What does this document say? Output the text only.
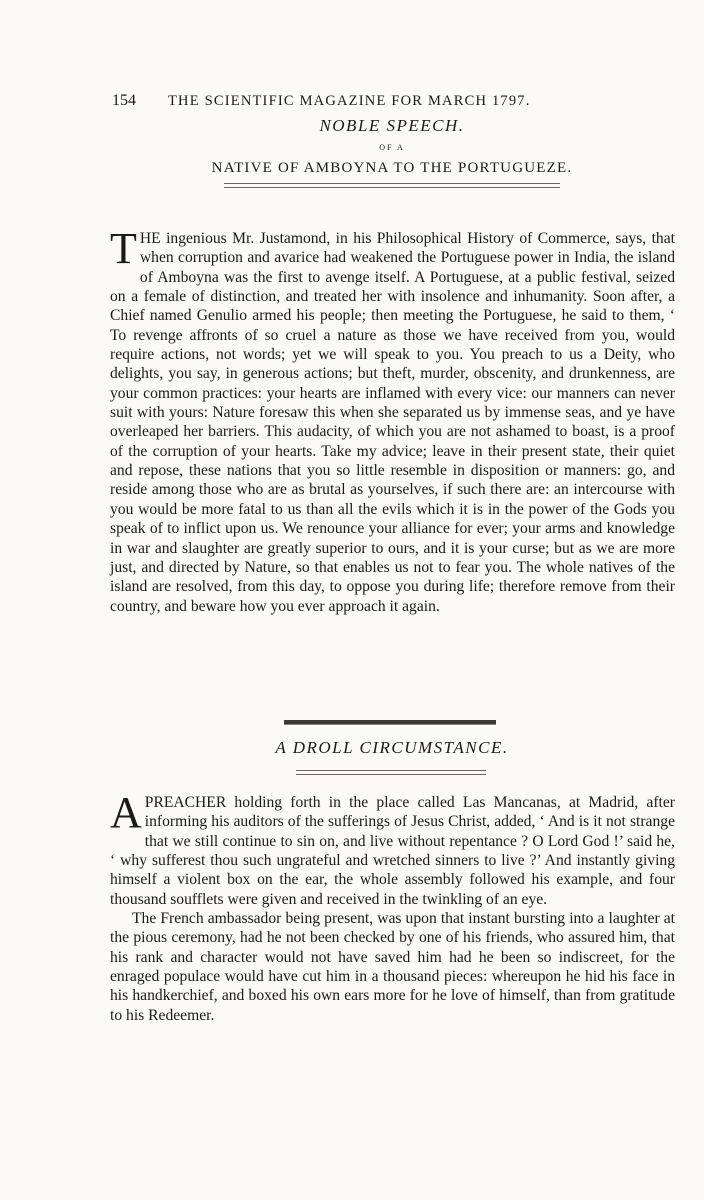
154	THE SCIENTIFIC MAGAZINE FOR MARCH 1797.
NOBLE SPEECH.
OF A
NATIVE OF AMBOYNA TO THE PORTUGUEZE.

THE ingenious Mr. Justamond, in his Philosophical History of Commerce, says, that when corruption and avarice had weakened the Portuguese power in India, the island of Amboyna was the first to avenge itself. A Portuguese, at a public festival, seized on a female of distinction, and treated her with insolence and inhumanity. Soon after, a Chief named Genulio armed his people; then meeting the Portuguese, he said to them, ‘ To revenge affronts of so cruel a nature as those we have received from you, would require actions, not words; yet we will speak to you. You preach to us a Deity, who delights, you say, in generous actions; but theft, murder, obscenity, and drunkenness, are your common practices: your hearts are inflamed with every vice: our manners can never suit with yours: Nature foresaw this when she separated us by immense seas, and ye have overleaped her barriers. This audacity, of which you are not ashamed to boast, is a proof of the corruption of your hearts. Take my advice; leave in their present state, their quiet and repose, these nations that you so little resemble in disposition or manners: go, and reside among those who are as brutal as yourselves, if such there are: an intercourse with you would be more fatal to us than all the evils which it is in the power of the Gods you speak of to inflict upon us. We renounce your alliance for ever; your arms and knowledge in war and slaughter are greatly superior to ours, and it is your curse; but as we are more just, and directed by Nature, so that enables us not to fear you. The whole natives of the island are resolved, from this day, to oppose you during life; therefore remove from their country, and beware how you ever approach it again.

A DROLL CIRCUMSTANCE.

APREACHER holding forth in the place called Las Mancanas, at Madrid, after informing his auditors of the sufferings of Jesus Christ, added, ‘ And is it not strange that we still continue to sin on, and live without repentance ? O Lord God !’ said he, ‘ why sufferest thou such ungrateful and wretched sinners to live ?’ And instantly giving himself a violent box on the ear, the whole assembly followed his example, and four thousand soufflets were given and received in the twinkling of an eye.

The French ambassador being present, was upon that instant bursting into a laughter at the pious ceremony, had he not been checked by one of his friends, who assured him, that his rank and character would not have saved him had he been so indiscreet, for the enraged populace would have cut him in a thousand pieces: whereupon he hid his face in his handkerchief, and boxed his own ears more for he love of himself, than from gratitude to his Redeemer.
